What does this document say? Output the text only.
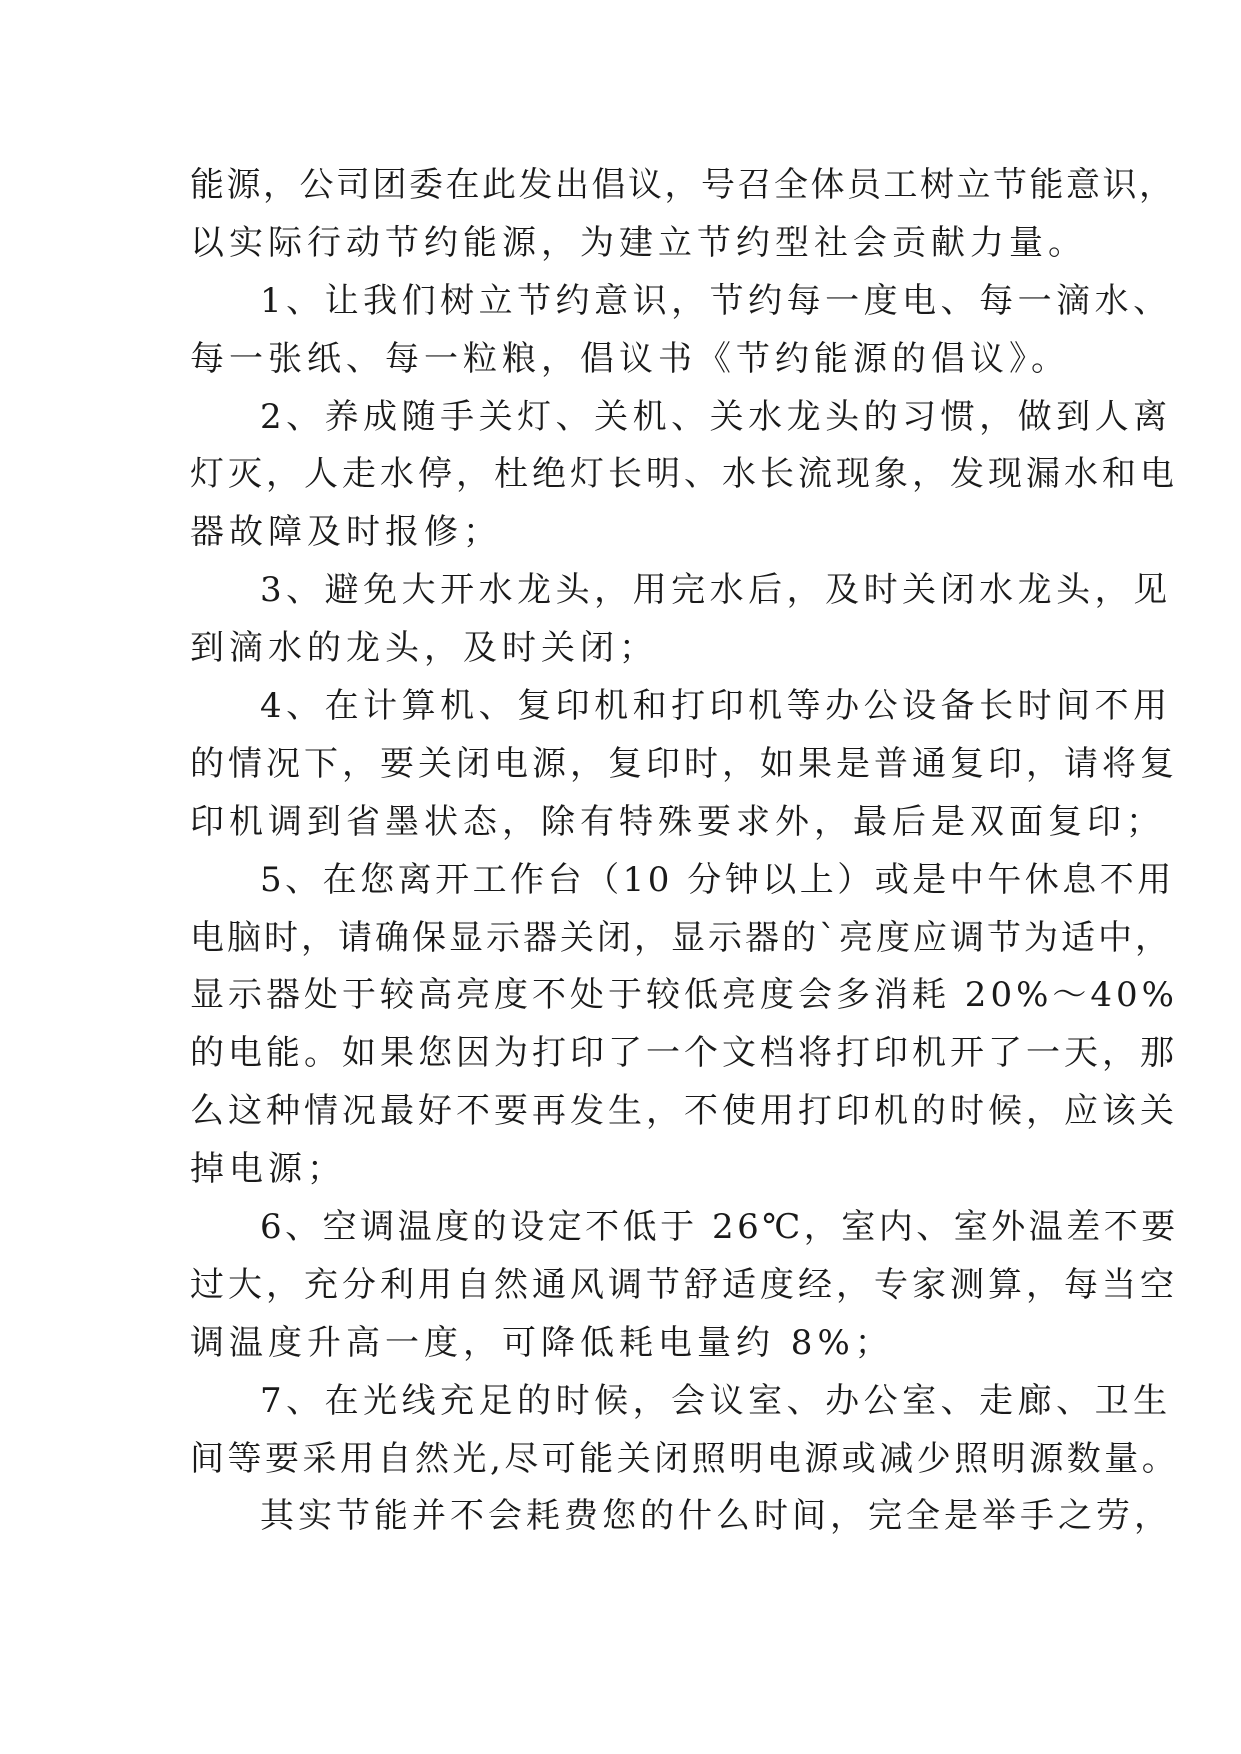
能源，公司团委在此发出倡议，号召全体员工树立节能意识，
以实际行动节约能源，为建立节约型社会贡献力量。
1、让我们树立节约意识，节约每一度电、每一滴水、
每一张纸、每一粒粮，倡议书《节约能源的倡议》。
2、养成随手关灯、关机、关水龙头的习惯，做到人离
灯灭，人走水停，杜绝灯长明、水长流现象，发现漏水和电
器故障及时报修；
3、避免大开水龙头，用完水后，及时关闭水龙头，见
到滴水的龙头，及时关闭；
4、在计算机、复印机和打印机等办公设备长时间不用
的情况下，要关闭电源，复印时，如果是普通复印，请将复
印机调到省墨状态，除有特殊要求外，最后是双面复印；
5、在您离开工作台（10 分钟以上）或是中午休息不用
电脑时，请确保显示器关闭，显示器的`亮度应调节为适中，
显示器处于较高亮度不处于较低亮度会多消耗 20%～40%
的电能。如果您因为打印了一个文档将打印机开了一天，那
么这种情况最好不要再发生，不使用打印机的时候，应该关
掉电源；
6、空调温度的设定不低于 26℃，室内、室外温差不要
过大，充分利用自然通风调节舒适度经，专家测算，每当空
调温度升高一度，可降低耗电量约 8%；
7、在光线充足的时候，会议室、办公室、走廊、卫生
间等要采用自然光,尽可能关闭照明电源或减少照明源数量。
其实节能并不会耗费您的什么时间，完全是举手之劳，
